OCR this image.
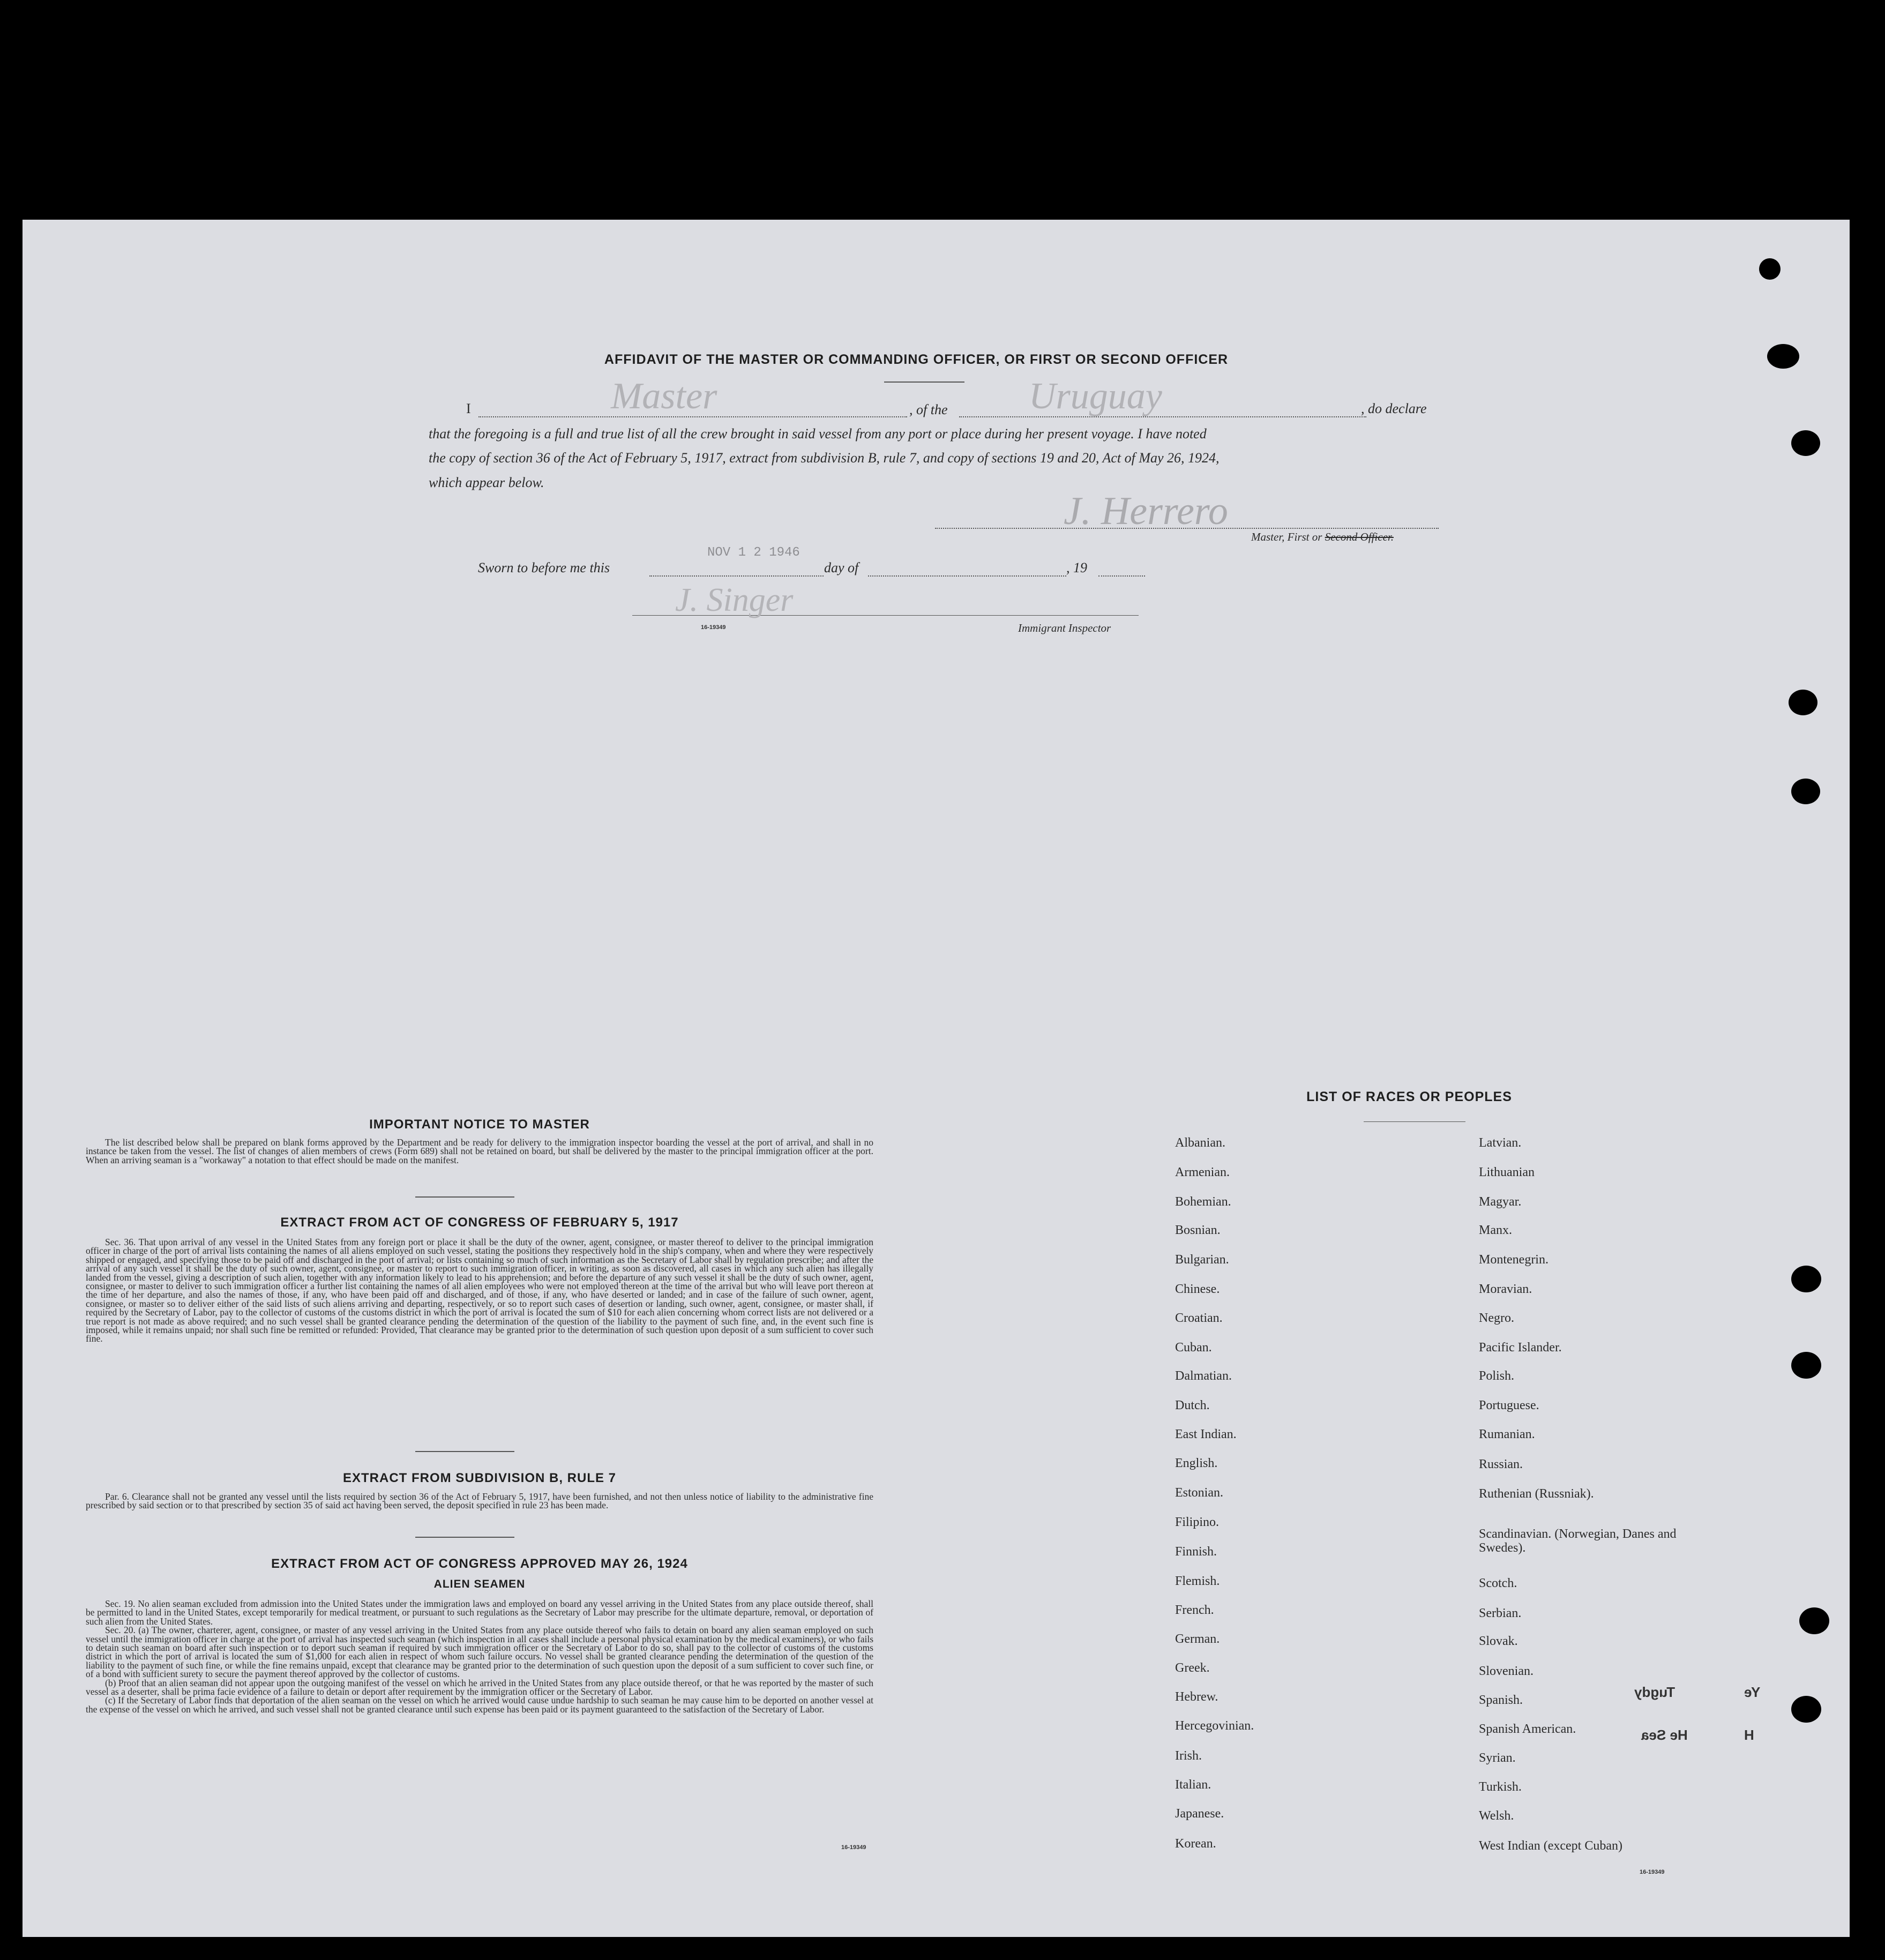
AFFIDAVIT OF THE MASTER OR COMMANDING OFFICER, OR FIRST OR SECOND OFFICER
I	Master	, of the Uruguay	, do declare
that the foregoing is a full and true list of all the crew brought in said vessel from any port or place during her present voyage. I have noted
the copy of section 36 of the Act of February 5, 1917, extract from subdivision B, rule 7, and copy of sections 19 and 20, Act of May 26, 1924,
which appear below.
J. Herrero
Master, First or Second Officer.
Sworn to before me this
NOV 1 2 1946
day of	, 19
J. Singer
Immigrant Inspector
16-19349
IMPORTANT NOTICE TO MASTER

The list described below shall be prepared on blank forms approved by the Department and be ready for delivery to the immigration inspector boarding the vessel at the port of arrival, and shall in no instance be taken from the vessel. The list of changes of alien members of crews (Form 689) shall not be retained on board, but shall be delivered by the master to the principal immigration officer at the port. When an arriving seaman is a "workaway" a notation to that effect should be made on the manifest.

EXTRACT FROM ACT OF CONGRESS OF FEBRUARY 5, 1917

Sec. 36. That upon arrival of any vessel in the United States from any foreign port or place it shall be the duty of the owner, agent, consignee, or master thereof to deliver to the principal immigration officer in charge of the port of arrival lists containing the names of all aliens employed on such vessel, stating the positions they respectively hold in the ship's company, when and where they were respectively shipped or engaged, and specifying those to be paid off and discharged in the port of arrival; or lists containing so much of such information as the Secretary of Labor shall by regulation prescribe; and after the arrival of any such vessel it shall be the duty of such owner, agent, consignee, or master to report to such immigration officer, in writing, as soon as discovered, all cases in which any such alien has illegally landed from the vessel, giving a description of such alien, together with any information likely to lead to his apprehension; and before the departure of any such vessel it shall be the duty of such owner, agent, consignee, or master to deliver to such immigration officer a further list containing the names of all alien employees who were not employed thereon at the time of the arrival but who will leave port thereon at the time of her departure, and also the names of those, if any, who have been paid off and discharged, and of those, if any, who have deserted or landed; and in case of the failure of such owner, agent, consignee, or master so to deliver either of the said lists of such aliens arriving and departing, respectively, or so to report such cases of desertion or landing, such owner, agent, consignee, or master shall, if required by the Secretary of Labor, pay to the collector of customs of the customs district in which the port of arrival is located the sum of $10 for each alien concerning whom correct lists are not delivered or a true report is not made as above required; and no such vessel shall be granted clearance pending the determination of the question of the liability to the payment of such fine, and, in the event such fine is imposed, while it remains unpaid; nor shall such fine be remitted or refunded: Provided, That clearance may be granted prior to the determination of such question upon deposit of a sum sufficient to cover such fine.

EXTRACT FROM SUBDIVISION B, RULE 7

Par. 6. Clearance shall not be granted any vessel until the lists required by section 36 of the Act of February 5, 1917, have been furnished, and not then unless notice of liability to the administrative fine prescribed by said section or to that prescribed by section 35 of said act having been served, the deposit specified in rule 23 has been made.

EXTRACT FROM ACT OF CONGRESS APPROVED MAY 26, 1924
ALIEN SEAMEN

Sec. 19. No alien seaman excluded from admission into the United States under the immigration laws and employed on board any vessel arriving in the United States from any place outside thereof, shall be permitted to land in the United States, except temporarily for medical treatment, or pursuant to such regulations as the Secretary of Labor may prescribe for the ultimate departure, removal, or deportation of such alien from the United States.

Sec. 20. (a) The owner, charterer, agent, consignee, or master of any vessel arriving in the United States from any place outside thereof who fails to detain on board any alien seaman employed on such vessel until the immigration officer in charge at the port of arrival has inspected such seaman (which inspection in all cases shall include a personal physical examination by the medical examiners), or who fails to detain such seaman on board after such inspection or to deport such seaman if required by such immigration officer or the Secretary of Labor to do so, shall pay to the collector of customs of the customs district in which the port of arrival is located the sum of $1,000 for each alien in respect of whom such failure occurs. No vessel shall be granted clearance pending the determination of the question of the liability to the payment of such fine, or while the fine remains unpaid, except that clearance may be granted prior to the determination of such question upon the deposit of a sum sufficient to cover such fine, or of a bond with sufficient surety to secure the payment thereof approved by the collector of customs.

(b) Proof that an alien seaman did not appear upon the outgoing manifest of the vessel on which he arrived in the United States from any place outside thereof, or that he was reported by the master of such vessel as a deserter, shall be prima facie evidence of a failure to detain or deport after requirement by the immigration officer or the Secretary of Labor.

(c) If the Secretary of Labor finds that deportation of the alien seaman on the vessel on which he arrived would cause undue hardship to such seaman he may cause him to be deported on another vessel at the expense of the vessel on which he arrived, and such vessel shall not be granted clearance until such expense has been paid or its payment guaranteed to the satisfaction of the Secretary of Labor.

16-19349
LIST OF RACES OR PEOPLES
Albanian.
Armenian.
Bohemian.
Bosnian.
Bulgarian.
Chinese.
Croatian.
Cuban.
Dalmatian.
Dutch.
East Indian.
English.
Estonian.
Filipino.
Finnish.
Flemish.
French.
German.
Greek.
Hebrew.
Hercegovinian.
Irish.
Italian.
Japanese.
Korean.
Latvian.
Lithuanian
Magyar.
Manx.
Montenegrin.
Moravian.
Negro.
Pacific Islander.
Polish.
Portuguese.
Rumanian.
Russian.
Ruthenian (Russniak).
Scandinavian. (Norwegian, Danes and Swedes).
Scotch.
Serbian.
Slovak.
Slovenian.
Spanish.
Spanish American.
Syrian.
Turkish.
Welsh.
West Indian (except Cuban)
16-19349
Tugdy	Ye
He Sea	H
